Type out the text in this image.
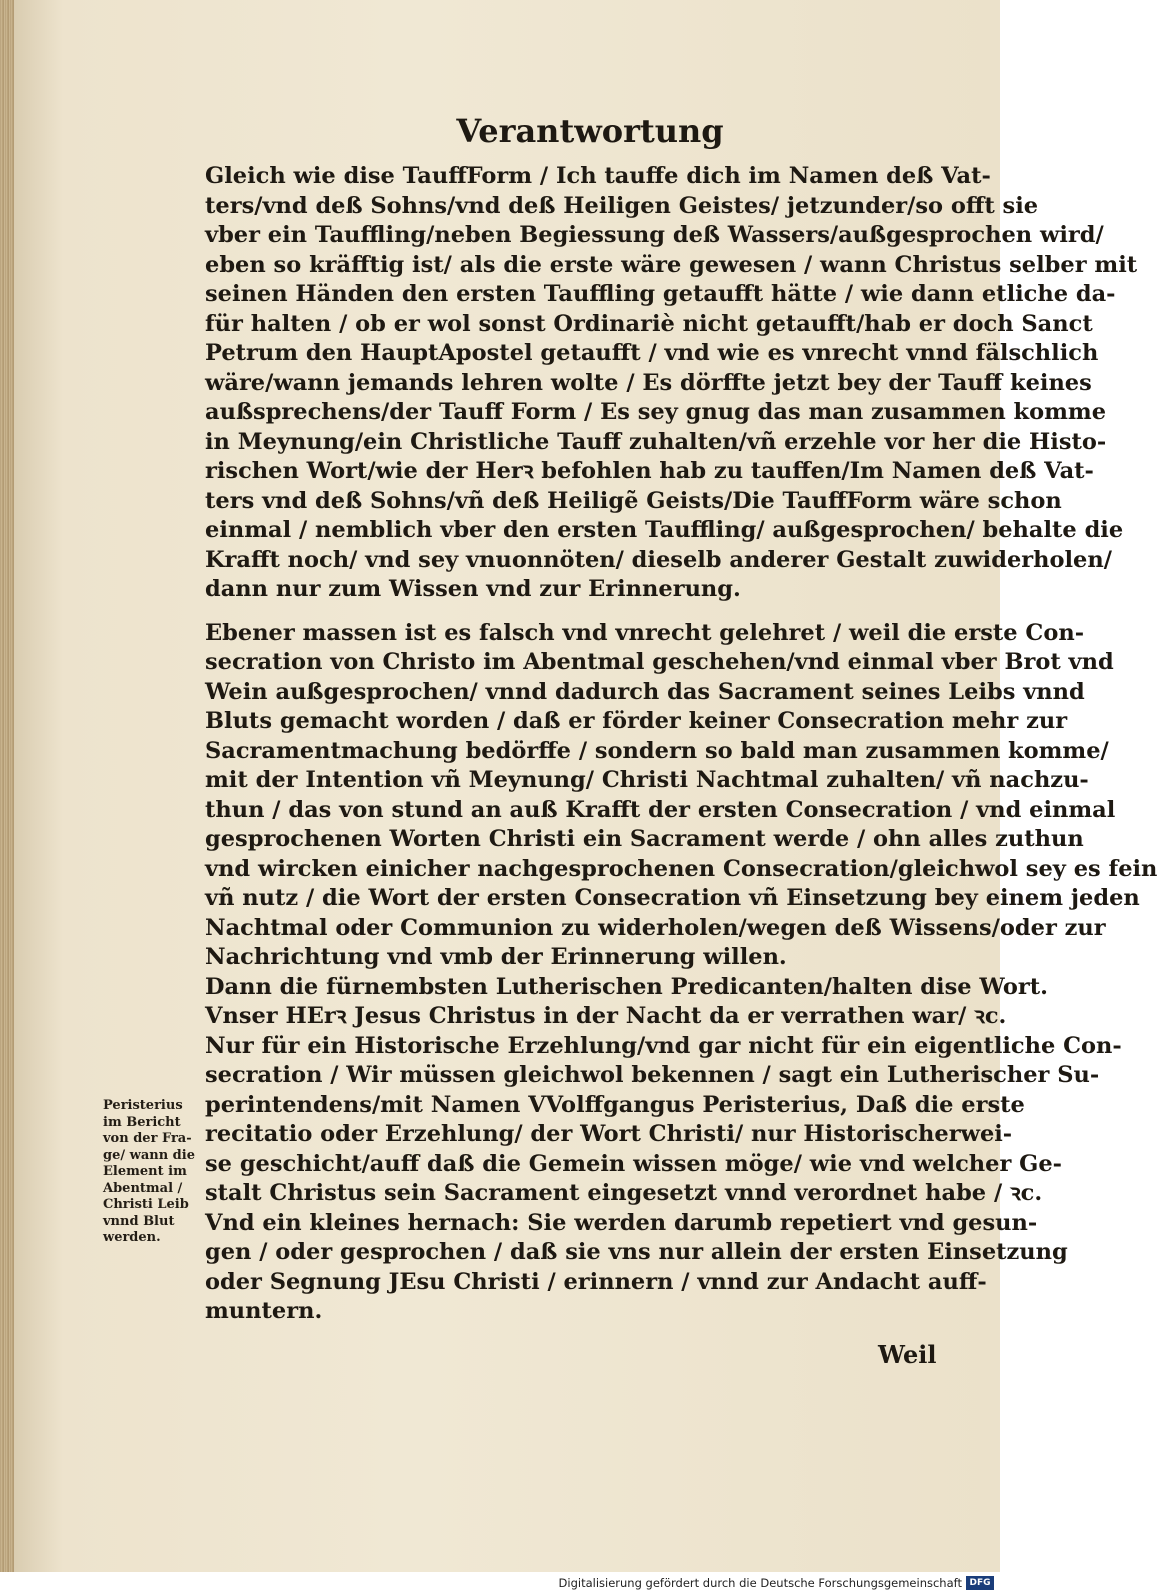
Verantwortung
Gleich wie dise TauffForm / Ich tauffe dich im Namen deß Vat-
ters/vnd deß Sohns/vnd deß Heiligen Geistes/ jetzunder/so offt sie
vber ein Tauffling/neben Begiessung deß Wassers/außgesprochen wird/
eben so kräfftig ist/ als die erste wäre gewesen / wann Christus selber mit
seinen Händen den ersten Tauffling getaufft hätte / wie dann etliche da-
für halten / ob er wol sonst Ordinariè nicht getaufft/hab er doch Sanct
Petrum den HauptApostel getaufft / vnd wie es vnrecht vnnd fälschlich
wäre/wann jemands lehren wolte / Es dörffte jetzt bey der Tauff keines
außsprechens/der Tauff Form / Es sey gnug das man zusammen komme
in Meynung/ein Christliche Tauff zuhalten/vñ erzehle vor her die Histo-
rischen Wort/wie der Herꝛ befohlen hab zu tauffen/Im Namen deß Vat-
ters vnd deß Sohns/vñ deß Heiligẽ Geists/Die TauffForm wäre schon
einmal / nemblich vber den ersten Tauffling/ außgesprochen/ behalte die
Krafft noch/ vnd sey vnuonnöten/ dieselb anderer Gestalt zuwiderholen/
dann nur zum Wissen vnd zur Erinnerung.
Ebener massen ist es falsch vnd vnrecht gelehret / weil die erste Con-
secration von Christo im Abentmal geschehen/vnd einmal vber Brot vnd
Wein außgesprochen/ vnnd dadurch das Sacrament seines Leibs vnnd
Bluts gemacht worden / daß er förder keiner Consecration mehr zur
Sacramentmachung bedörffe / sondern so bald man zusammen komme/
mit der Intention vñ Meynung/ Christi Nachtmal zuhalten/ vñ nachzu-
thun / das von stund an auß Krafft der ersten Consecration / vnd einmal
gesprochenen Worten Christi ein Sacrament werde / ohn alles zuthun
vnd wircken einicher nachgesprochenen Consecration/gleichwol sey es fein
vñ nutz / die Wort der ersten Consecration vñ Einsetzung bey einem jeden
Nachtmal oder Communion zu widerholen/wegen deß Wissens/oder zur
Nachrichtung vnd vmb der Erinnerung willen.
Dann die fürnembsten Lutherischen Predicanten/halten dise Wort.
Vnser HErꝛ Jesus Christus in der Nacht da er verrathen war/ ꝛc.
Nur für ein Historische Erzehlung/vnd gar nicht für ein eigentliche Con-
secration / Wir müssen gleichwol bekennen / sagt ein Lutherischer Su-
perintendens/mit Namen VVolffgangus Peristerius, Daß die erste
recitatio oder Erzehlung/ der Wort Christi/ nur Historischerwei-
se geschicht/auff daß die Gemein wissen möge/ wie vnd welcher Ge-
stalt Christus sein Sacrament eingesetzt vnnd verordnet habe / ꝛc.
Vnd ein kleines hernach: Sie werden darumb repetiert vnd gesun-
gen / oder gesprochen / daß sie vns nur allein der ersten Einsetzung
oder Segnung JEsu Christi / erinnern / vnnd zur Andacht auff-
muntern.
Peristerius
im Bericht
von der Fra-
ge/ wann die
Element im
Abentmal /
Christi Leib
vnnd Blut
werden.
Weil
Digitalisierung gefördert durch die Deutsche Forschungsgemeinschaft DFG
